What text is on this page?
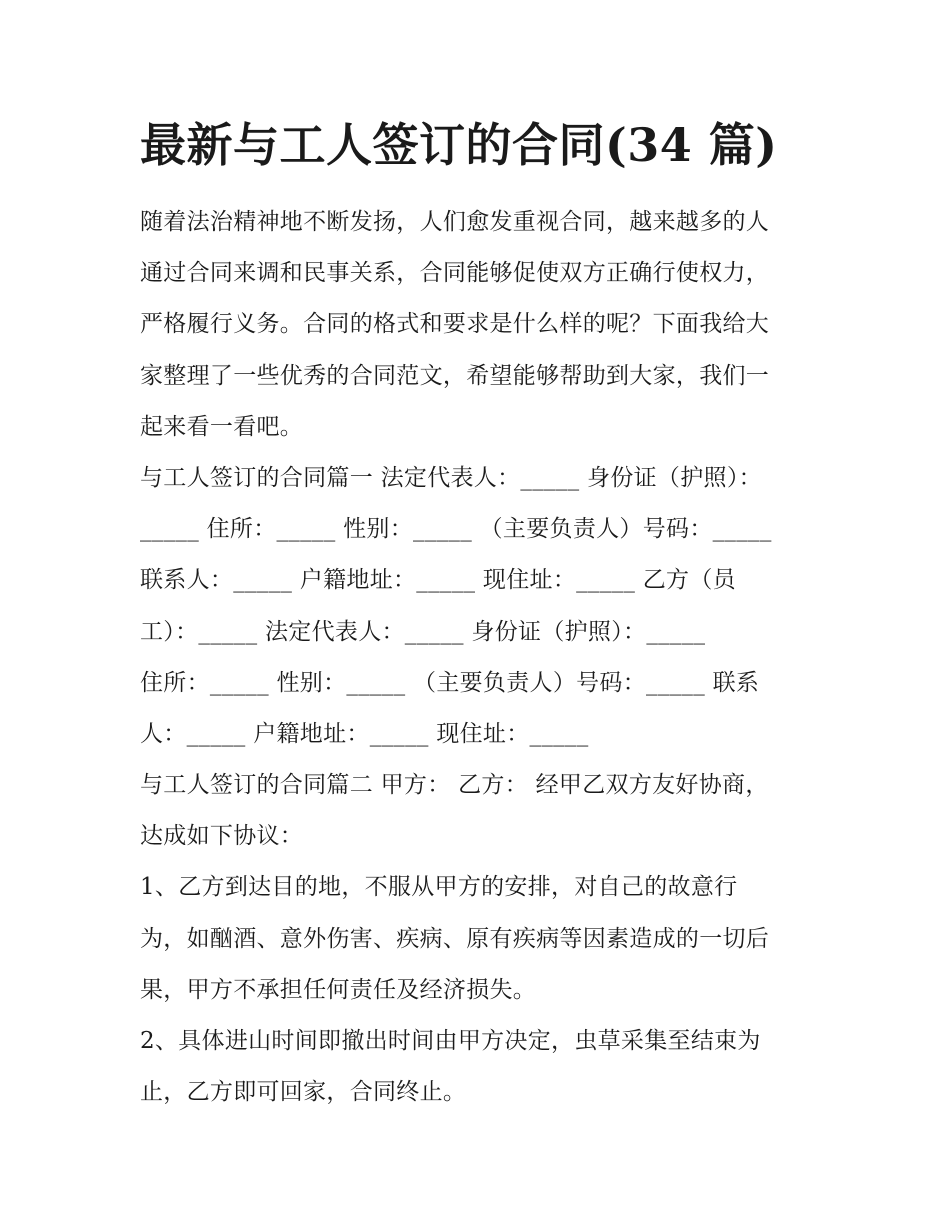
最新与工人签订的合同(34 篇)
随着法治精神地不断发扬，人们愈发重视合同，越来越多的人
通过合同来调和民事关系，合同能够促使双方正确行使权力，
严格履行义务。合同的格式和要求是什么样的呢？下面我给大
家整理了一些优秀的合同范文，希望能够帮助到大家，我们一
起来看一看吧。
与工人签订的合同篇一 法定代表人：_____ 身份证（护照）：
_____ 住所：_____ 性别：_____ （主要负责人）号码：_____
联系人：_____ 户籍地址：_____ 现住址：_____ 乙方（员
工）：_____ 法定代表人：_____ 身份证（护照）：_____
住所：_____ 性别：_____ （主要负责人）号码：_____ 联系
人：_____ 户籍地址：_____ 现住址：_____
与工人签订的合同篇二 甲方： 乙方： 经甲乙双方友好协商，
达成如下协议：
1、乙方到达目的地，不服从甲方的安排，对自己的故意行
为，如酗酒、意外伤害、疾病、原有疾病等因素造成的一切后
果，甲方不承担任何责任及经济损失。
2、具体进山时间即撤出时间由甲方决定，虫草采集至结束为
止，乙方即可回家，合同终止。
